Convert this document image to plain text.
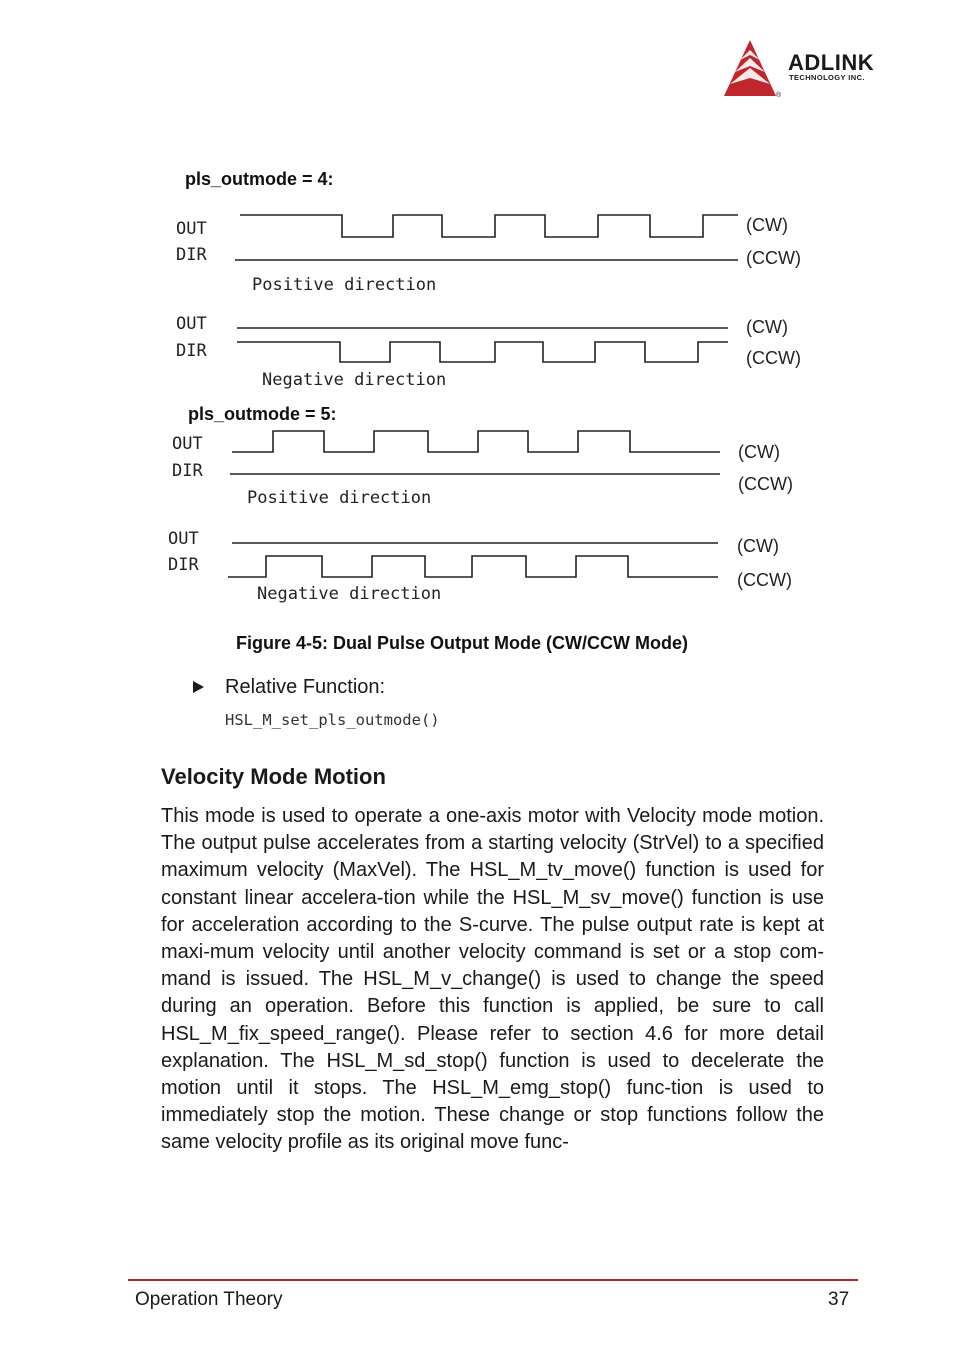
®
ADLINK
TECHNOLOGY INC.
pls_outmode = 4:
OUT
DIR
(CW)
(CCW)
Positive direction
OUT
DIR
(CW)
(CCW)
Negative direction
pls_outmode = 5:
OUT
DIR
(CW)
(CCW)
Positive direction
OUT
DIR
(CW)
(CCW)
Negative direction
Figure 4-5: Dual Pulse Output Mode (CW/CCW Mode)
Relative Function:
HSL_M_set_pls_outmode()
Velocity Mode Motion

This mode is used to operate a one-axis motor with Velocity mode motion. The output pulse accelerates from a starting velocity (StrVel) to a specified maximum velocity (MaxVel). The HSL_M_tv_move() function is used for constant linear accelera-tion while the HSL_M_sv_move() function is use for acceleration according to the S-curve. The pulse output rate is kept at maxi-mum velocity until another velocity command is set or a stop com-mand is issued. The HSL_M_v_change() is used to change the speed during an operation. Before this function is applied, be sure to call HSL_M_fix_speed_range(). Please refer to section 4.6 for more detail explanation. The HSL_M_sd_stop() function is used to decelerate the motion until it stops. The HSL_M_emg_stop() func-tion is used to immediately stop the motion. These change or stop functions follow the same velocity profile as its original move func-

Operation Theory	37
